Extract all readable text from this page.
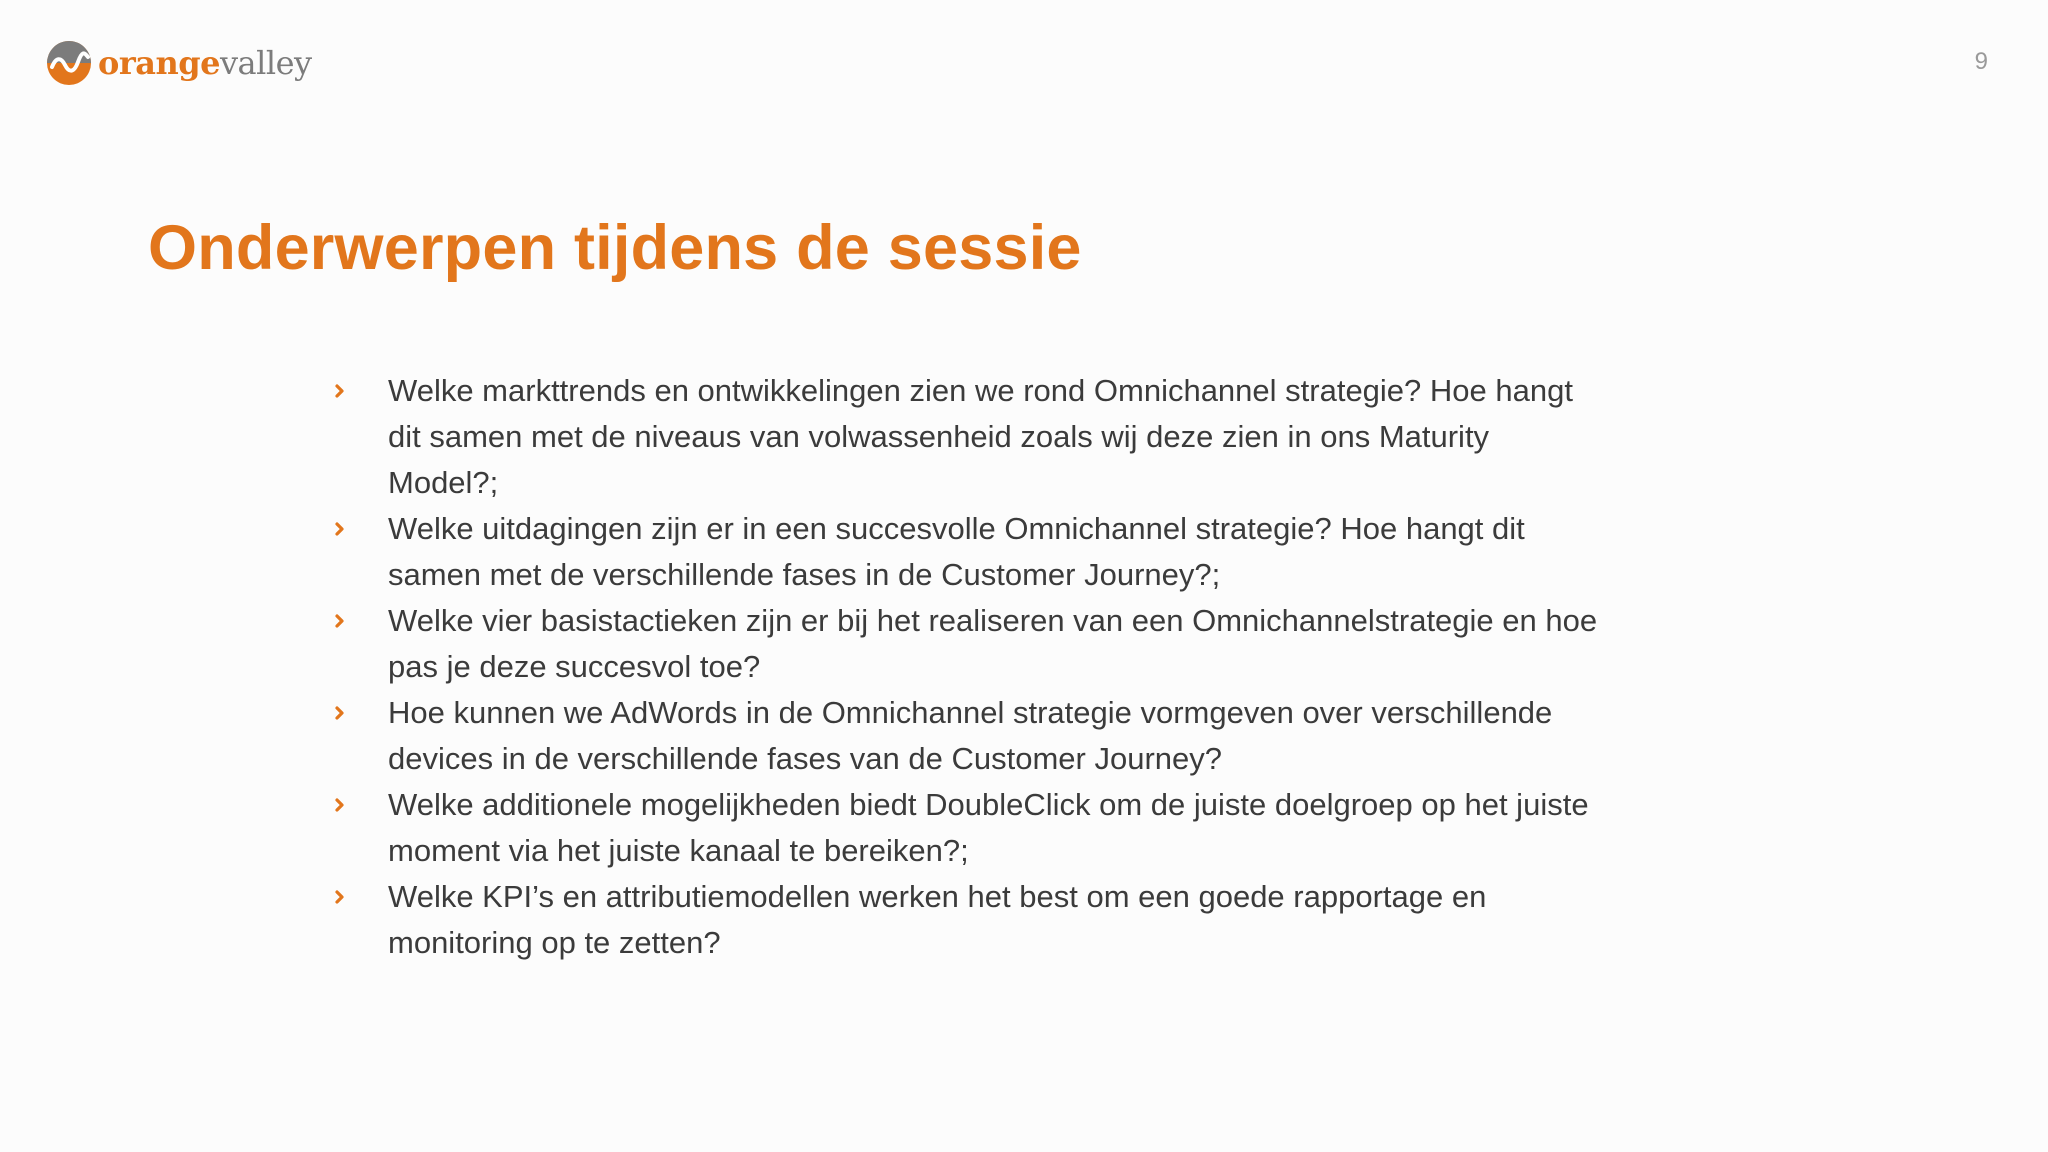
orangevalley	9
Onderwerpen tijdens de sessie
Welke markttrends en ontwikkelingen zien we rond Omnichannel strategie? Hoe hangt dit samen met de niveaus van volwassenheid zoals wij deze zien in ons Maturity Model?;
Welke uitdagingen zijn er in een succesvolle Omnichannel strategie? Hoe hangt dit samen met de verschillende fases in de Customer Journey?;
Welke vier basistactieken zijn er bij het realiseren van een Omnichannelstrategie en hoe pas je deze succesvol toe?
Hoe kunnen we AdWords in de Omnichannel strategie vormgeven over verschillende devices in de verschillende fases van de Customer Journey?
Welke additionele mogelijkheden biedt DoubleClick om de juiste doelgroep op het juiste moment via het juiste kanaal te bereiken?;
Welke KPI’s en attributiemodellen werken het best om een goede rapportage en monitoring op te zetten?
